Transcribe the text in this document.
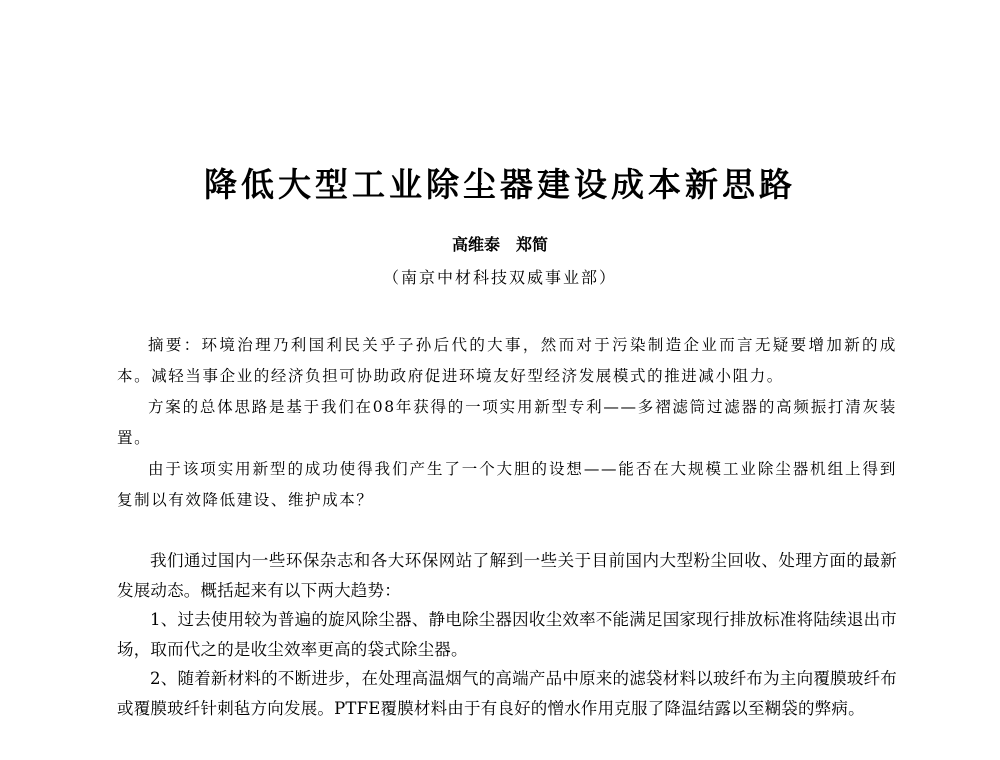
降低大型工业除尘器建设成本新思路
高维泰　郑简
（南京中材科技双威事业部）

摘要：环境治理乃利国利民关乎子孙后代的大事，然而对于污染制造企业而言无疑要增加新的成本。减轻当事企业的经济负担可协助政府促进环境友好型经济发展模式的推进减小阻力。

方案的总体思路是基于我们在08年获得的一项实用新型专利——多褶滤筒过滤器的高频振打清灰装置。

由于该项实用新型的成功使得我们产生了一个大胆的设想——能否在大规模工业除尘器机组上得到复制以有效降低建设、维护成本？

我们通过国内一些环保杂志和各大环保网站了解到一些关于目前国内大型粉尘回收、处理方面的最新发展动态。概括起来有以下两大趋势：

1、过去使用较为普遍的旋风除尘器、静电除尘器因收尘效率不能满足国家现行排放标准将陆续退出市场，取而代之的是收尘效率更高的袋式除尘器。

2、随着新材料的不断进步，在处理高温烟气的高端产品中原来的滤袋材料以玻纤布为主向覆膜玻纤布或覆膜玻纤针刺毡方向发展。PTFE覆膜材料由于有良好的憎水作用克服了降温结露以至糊袋的弊病。
